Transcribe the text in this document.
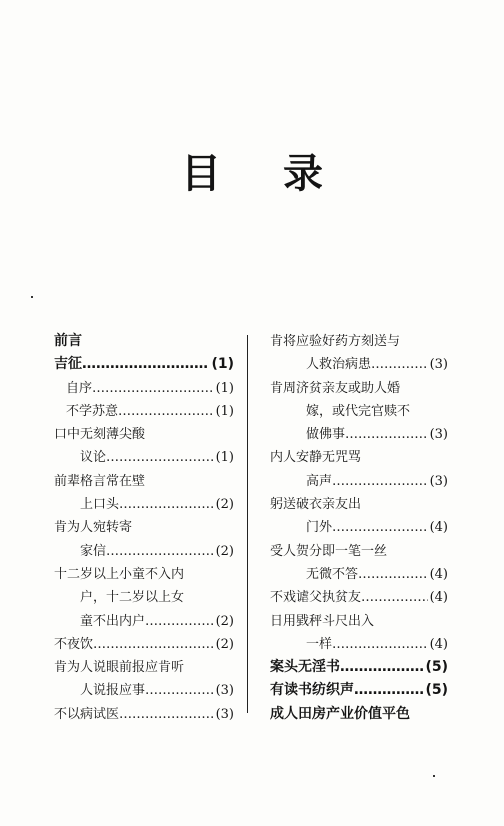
目 录
前言
吉征 …………………………………………………………	(1)
自序 …………………………………………………………	(1)
不学苏意 …………………………………………………………	(1)
口中无刻薄尖酸
议论 …………………………………………………………	(1)
前辈格言常在壁
上口头 …………………………………………………………	(2)
肯为人宛转寄
家信 …………………………………………………………	(2)
十二岁以上小童不入内
户，十二岁以上女
童不出内户 …………………………………………………………	(2)
不夜饮 …………………………………………………………	(2)
肯为人说眼前报应肯听
人说报应事 …………………………………………………………	(3)
不以病试医 …………………………………………………………	(3)
肯将应验好药方刻送与
人救治病患 …………………………………………………………	(3)
肯周济贫亲友或助人婚
嫁，或代完官赎不
做佛事 …………………………………………………………	(3)
内人安静无咒骂
高声 …………………………………………………………	(3)
躬送破衣亲友出
门外 …………………………………………………………	(4)
受人贺分即一笔一丝
无微不答 …………………………………………………………	(4)
不戏谑父执贫友 …………………………………………………………	(4)
日用戥秤斗尺出入
一样 …………………………………………………………	(4)
案头无淫书 …………………………………………………………	(5)
有读书纺织声 …………………………………………………………	(5)
成人田房产业价值平色
